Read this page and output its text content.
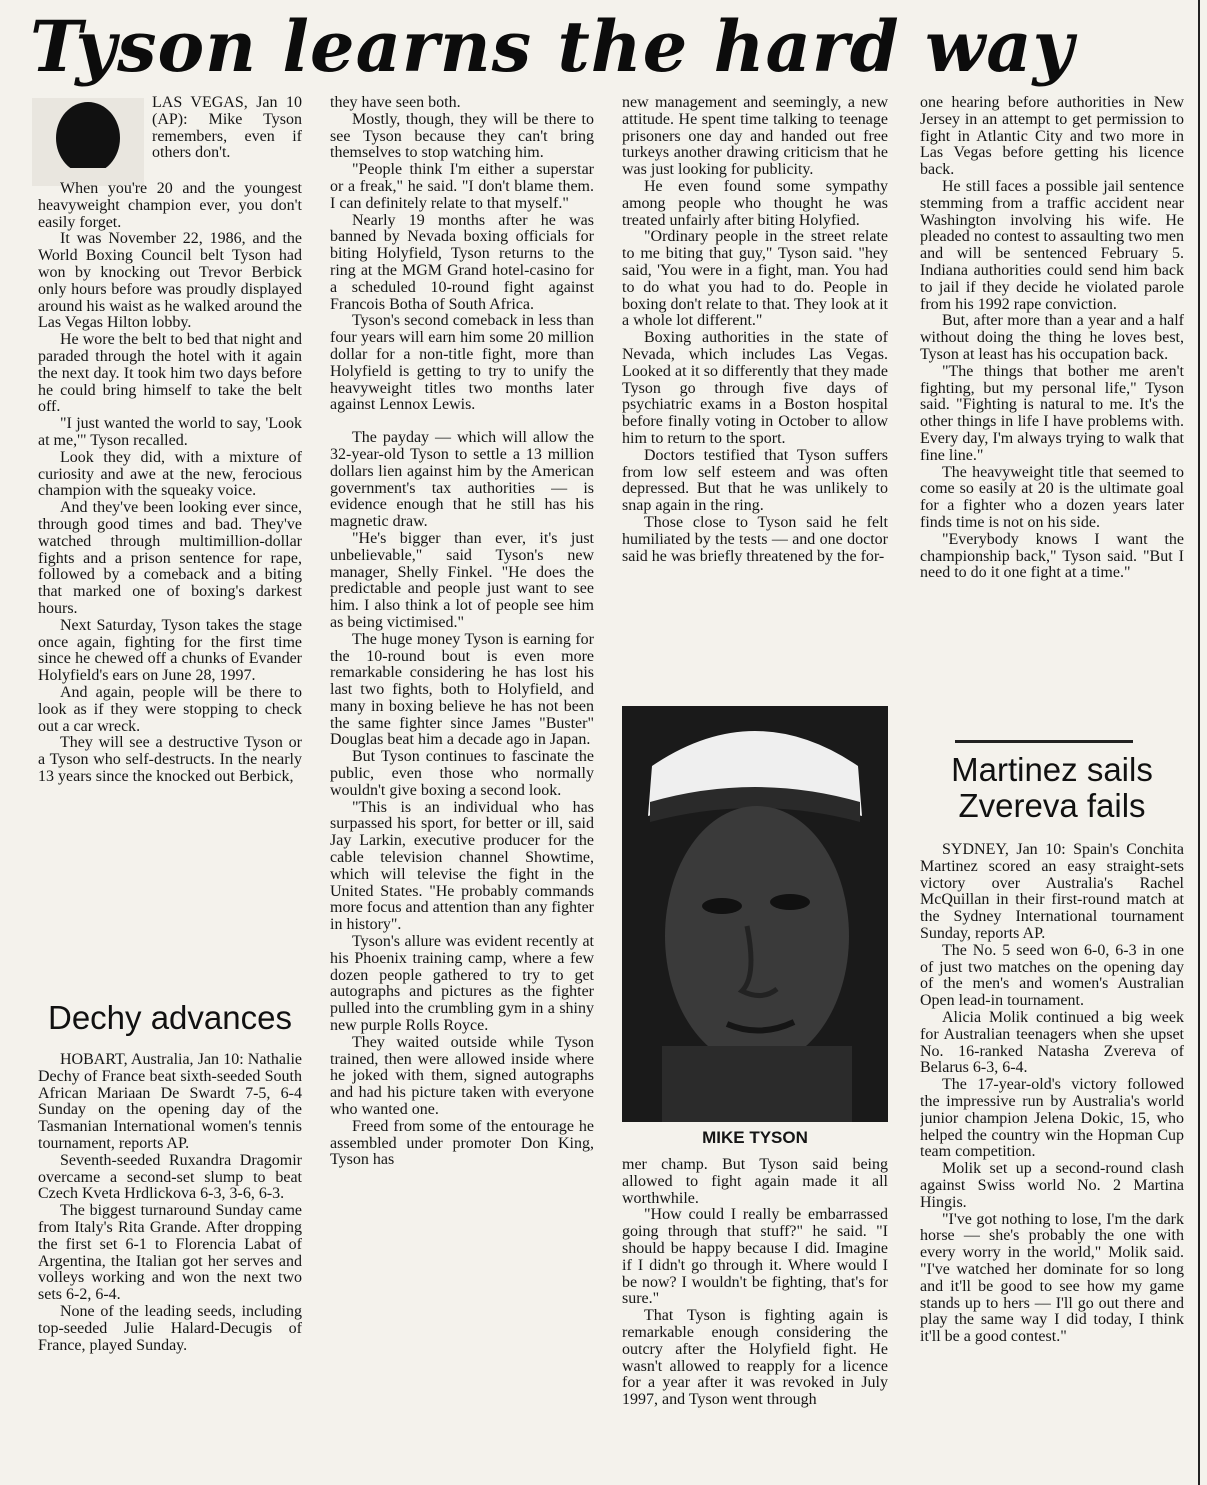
Tyson learns the hard way

LAS VEGAS, Jan 10 (AP): Mike Tyson remembers, even if others don't.

When you're 20 and the youngest heavyweight champion ever, you don't easily forget.

It was November 22, 1986, and the World Boxing Council belt Tyson had won by knocking out Trevor Berbick only hours before was proudly displayed around his waist as he walked around the Las Vegas Hilton lobby.

He wore the belt to bed that night and paraded through the hotel with it again the next day. It took him two days before he could bring himself to take the belt off.

"I just wanted the world to say, 'Look at me,'" Tyson recalled.

Look they did, with a mixture of curiosity and awe at the new, ferocious champion with the squeaky voice.

And they've been looking ever since, through good times and bad. They've watched through multimillion-dollar fights and a prison sentence for rape, followed by a comeback and a biting that marked one of boxing's darkest hours.

Next Saturday, Tyson takes the stage once again, fighting for the first time since he chewed off a chunks of Evander Holyfield's ears on June 28, 1997.

And again, people will be there to look as if they were stopping to check out a car wreck.

They will see a destructive Tyson or a Tyson who self-destructs. In the nearly 13 years since the knocked out Berbick,

Dechy advances

HOBART, Australia, Jan 10: Nathalie Dechy of France beat sixth-seeded South African Mariaan De Swardt 7-5, 6-4 Sunday on the opening day of the Tasmanian International women's tennis tournament, reports AP.

Seventh-seeded Ruxandra Dragomir overcame a second-set slump to beat Czech Kveta Hrdlickova 6-3, 3-6, 6-3.

The biggest turnaround Sunday came from Italy's Rita Grande. After dropping the first set 6-1 to Florencia Labat of Argentina, the Italian got her serves and volleys working and won the next two sets 6-2, 6-4.

None of the leading seeds, including top-seeded Julie Halard-Decugis of France, played Sunday.

they have seen both.

Mostly, though, they will be there to see Tyson because they can't bring themselves to stop watching him.

"People think I'm either a superstar or a freak," he said. "I don't blame them. I can definitely relate to that myself."

Nearly 19 months after he was banned by Nevada boxing officials for biting Holyfield, Tyson returns to the ring at the MGM Grand hotel-casino for a scheduled 10-round fight against Francois Botha of South Africa.

Tyson's second comeback in less than four years will earn him some 20 million dollar for a non-title fight, more than Holyfield is getting to try to unify the heavyweight titles two months later against Lennox Lewis.

The payday — which will allow the 32-year-old Tyson to settle a 13 million dollars lien against him by the American government's tax authorities — is evidence enough that he still has his magnetic draw.

"He's bigger than ever, it's just unbelievable," said Tyson's new manager, Shelly Finkel. "He does the predictable and people just want to see him. I also think a lot of people see him as being victimised."

The huge money Tyson is earning for the 10-round bout is even more remarkable considering he has lost his last two fights, both to Holyfield, and many in boxing believe he has not been the same fighter since James "Buster" Douglas beat him a decade ago in Japan.

But Tyson continues to fascinate the public, even those who normally wouldn't give boxing a second look.

"This is an individual who has surpassed his sport, for better or ill, said Jay Larkin, executive producer for the cable television channel Showtime, which will televise the fight in the United States. "He probably commands more focus and attention than any fighter in history".

Tyson's allure was evident recently at his Phoenix training camp, where a few dozen people gathered to try to get autographs and pictures as the fighter pulled into the crumbling gym in a shiny new purple Rolls Royce.

They waited outside while Tyson trained, then were allowed inside where he joked with them, signed autographs and had his picture taken with everyone who wanted one.

Freed from some of the entourage he assembled under promoter Don King, Tyson has

new management and seemingly, a new attitude. He spent time talking to teenage prisoners one day and handed out free turkeys another drawing criticism that he was just looking for publicity.

He even found some sympathy among people who thought he was treated unfairly after biting Holyfied.

"Ordinary people in the street relate to me biting that guy," Tyson said. "hey said, 'You were in a fight, man. You had to do what you had to do. People in boxing don't relate to that. They look at it a whole lot different."

Boxing authorities in the state of Nevada, which includes Las Vegas. Looked at it so differently that they made Tyson go through five days of psychiatric exams in a Boston hospital before finally voting in October to allow him to return to the sport.

Doctors testified that Tyson suffers from low self esteem and was often depressed. But that he was unlikely to snap again in the ring.

Those close to Tyson said he felt humiliated by the tests — and one doctor said he was briefly threatened by the for-

MIKE TYSON

mer champ. But Tyson said being allowed to fight again made it all worthwhile.

"How could I really be embarrassed going through that stuff?" he said. "I should be happy because I did. Imagine if I didn't go through it. Where would I be now? I wouldn't be fighting, that's for sure."

That Tyson is fighting again is remarkable enough considering the outcry after the Holyfield fight. He wasn't allowed to reapply for a licence for a year after it was revoked in July 1997, and Tyson went through

one hearing before authorities in New Jersey in an attempt to get permission to fight in Atlantic City and two more in Las Vegas before getting his licence back.

He still faces a possible jail sentence stemming from a traffic accident near Washington involving his wife. He pleaded no contest to assaulting two men and will be sentenced February 5. Indiana authorities could send him back to jail if they decide he violated parole from his 1992 rape conviction.

But, after more than a year and a half without doing the thing he loves best, Tyson at least has his occupation back.

"The things that bother me aren't fighting, but my personal life," Tyson said. "Fighting is natural to me. It's the other things in life I have problems with. Every day, I'm always trying to walk that fine line."

The heavyweight title that seemed to come so easily at 20 is the ultimate goal for a fighter who a dozen years later finds time is not on his side.

"Everybody knows I want the championship back," Tyson said. "But I need to do it one fight at a time."

Martinez sails
Zvereva fails

SYDNEY, Jan 10: Spain's Conchita Martinez scored an easy straight-sets victory over Australia's Rachel McQuillan in their first-round match at the Sydney International tournament Sunday, reports AP.

The No. 5 seed won 6-0, 6-3 in one of just two matches on the opening day of the men's and women's Australian Open lead-in tournament.

Alicia Molik continued a big week for Australian teenagers when she upset No. 16-ranked Natasha Zvereva of Belarus 6-3, 6-4.

The 17-year-old's victory followed the impressive run by Australia's world junior champion Jelena Dokic, 15, who helped the country win the Hopman Cup team competition.

Molik set up a second-round clash against Swiss world No. 2 Martina Hingis.

"I've got nothing to lose, I'm the dark horse — she's probably the one with every worry in the world," Molik said. "I've watched her dominate for so long and it'll be good to see how my game stands up to hers — I'll go out there and play the same way I did today, I think it'll be a good contest."
